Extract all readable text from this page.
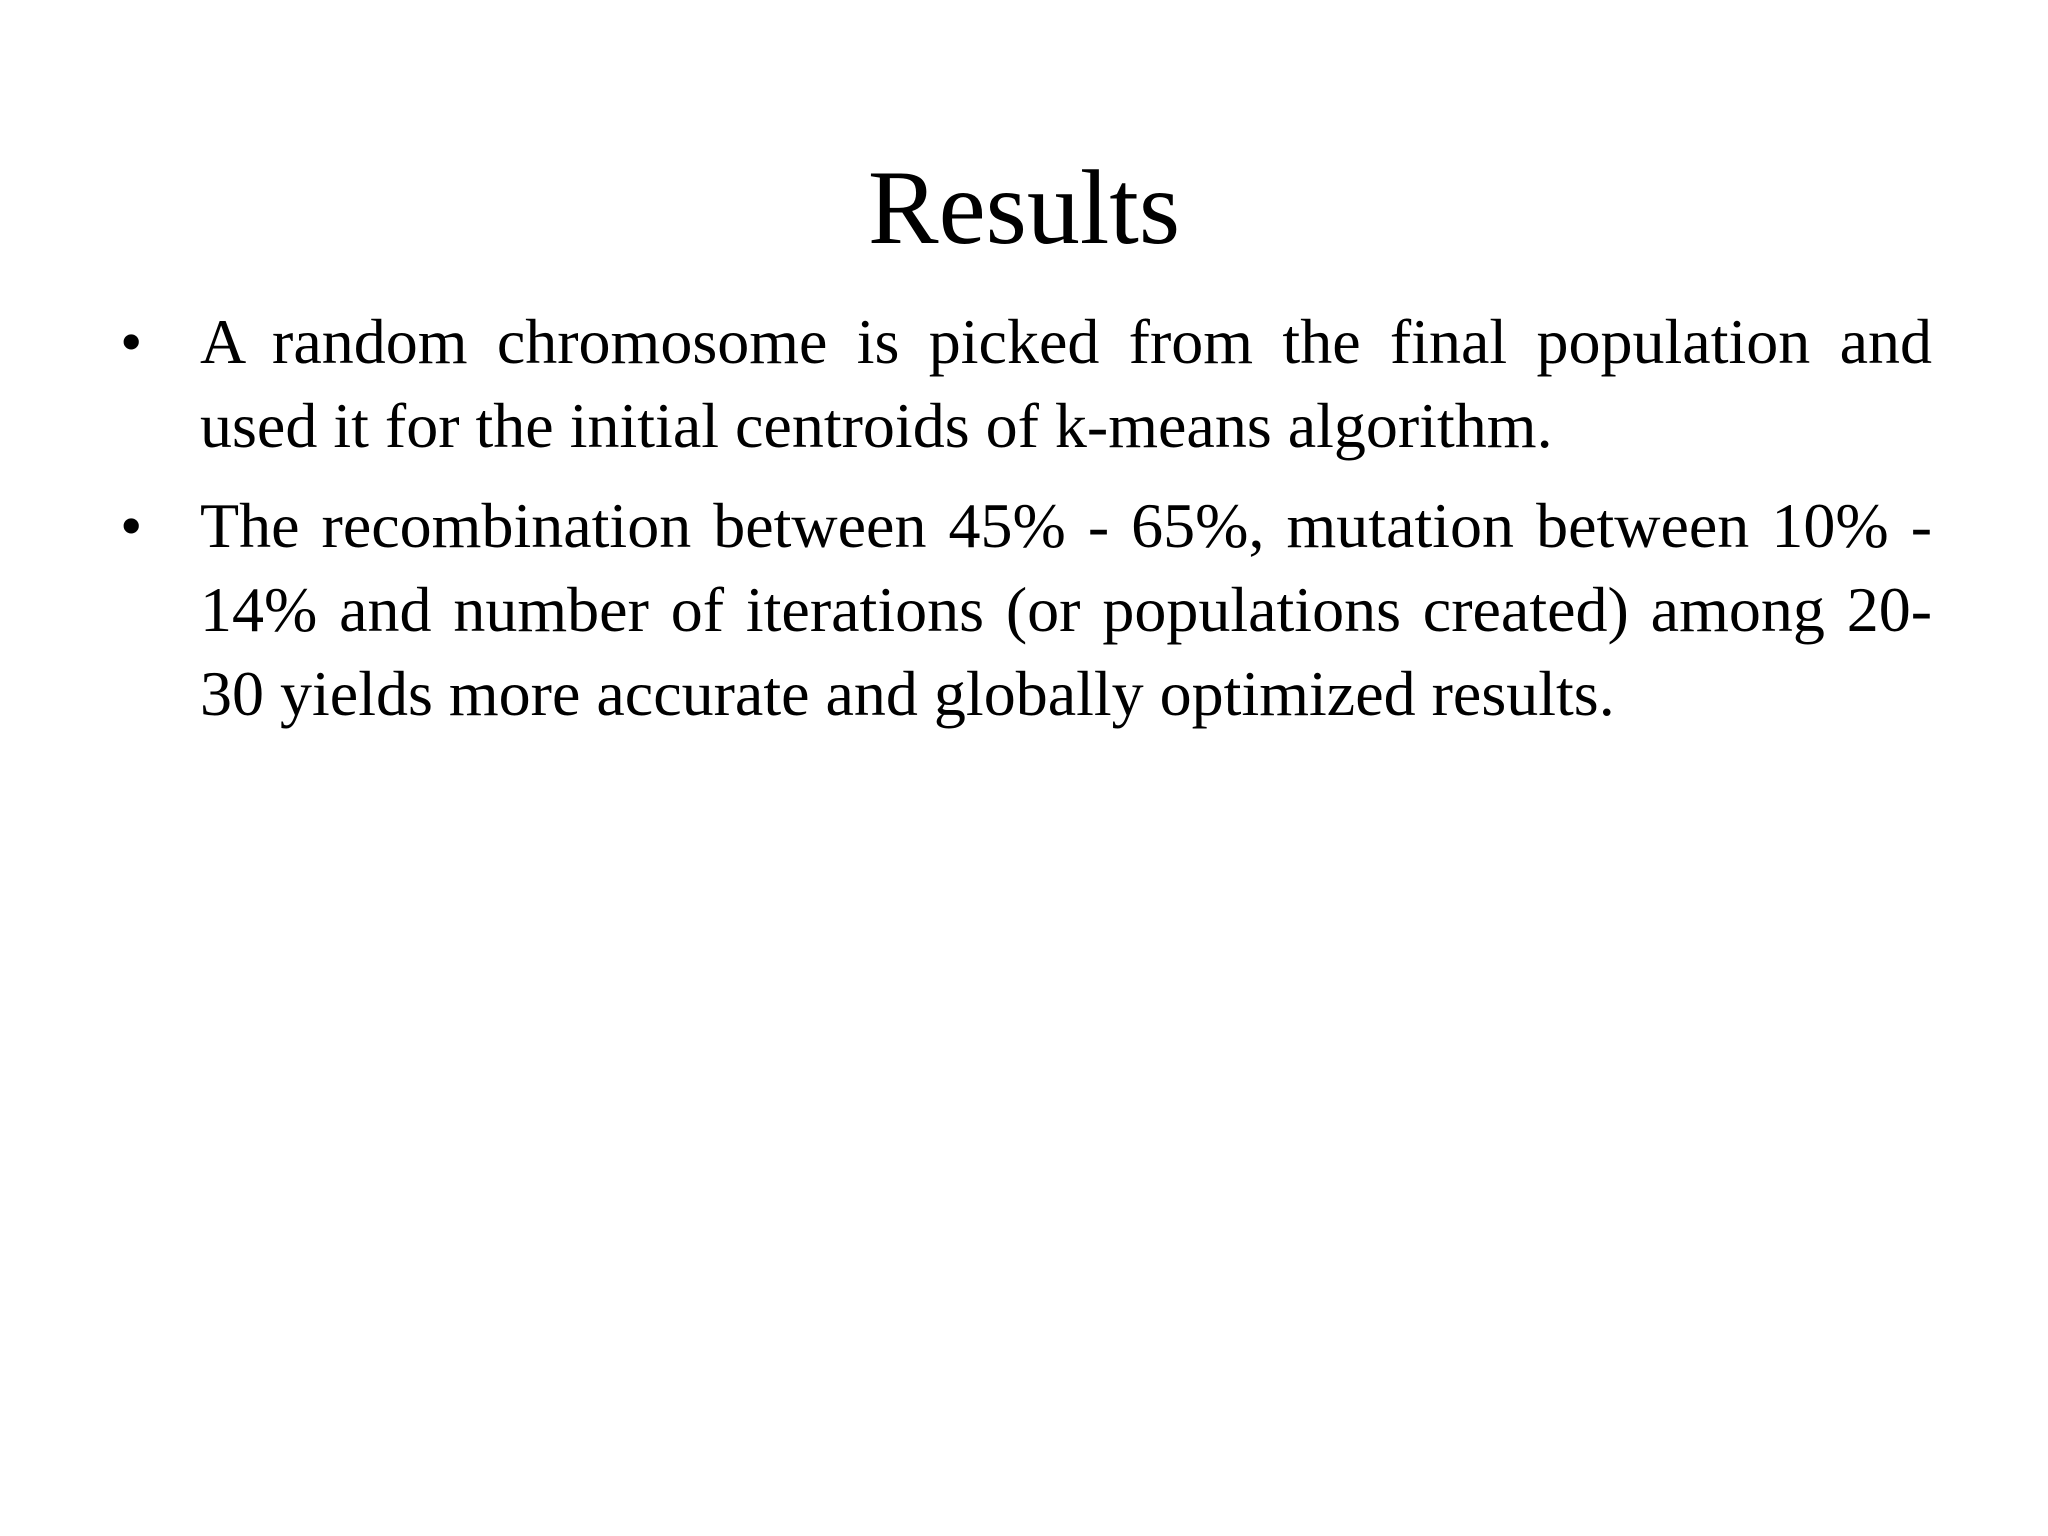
Results
• A random chromosome is picked from the final population and used it for the initial centroids of k-means algorithm.
• The recombination between 45% - 65%, mutation between 10% - 14% and number of iterations (or populations created) among 20-30 yields more accurate and globally optimized results.
